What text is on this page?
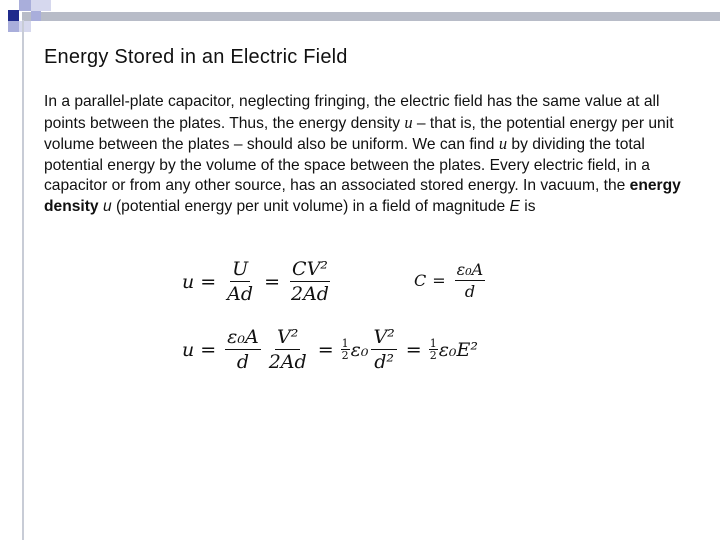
Energy Stored in an Electric Field
In a parallel-plate capacitor, neglecting fringing, the electric field has the same value at all points between the plates. Thus, the energy density u – that is, the potential energy per unit volume between the plates – should also be uniform. We can find u by dividing the total potential energy by the volume of the space between the plates. Every electric field, in a capacitor or from any other source, has an associated stored energy. In vacuum, the energy density u (potential energy per unit volume) in a field of magnitude E is
$u = \frac{U}{Ad} = \frac{\text{CV²}}{2Ad}$	$C = \frac{\text{ε₀A}}{d}$
$u = \frac{\text{ε₀A}}{d} \frac{\text{V²}}{2Ad} = \frac{1}{2} \varepsilon_0 \frac{\text{V²}}{\text{d²}} = \frac{1}{2} \varepsilon_0E^2$
